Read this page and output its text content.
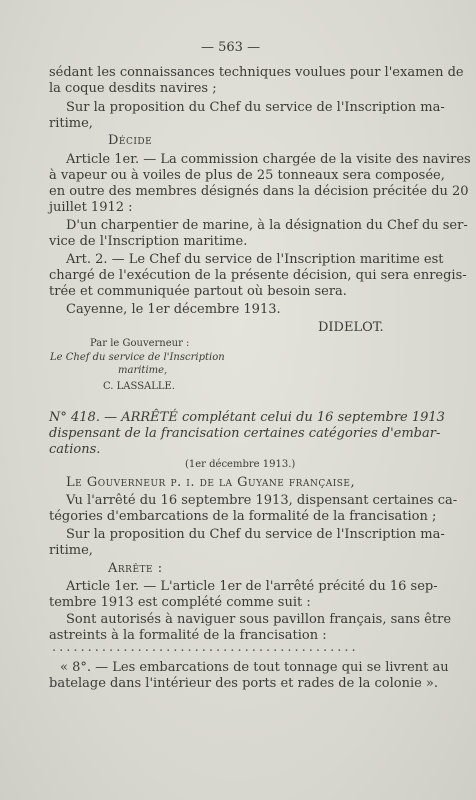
— 563 —
sédant les connaissances techniques voulues pour l'examen de
la coque desdits navires ;
Sur la proposition du Chef du service de l'Inscription ma-
ritime,
Décide
Article 1er. — La commission chargée de la visite des navires
à vapeur ou à voiles de plus de 25 tonneaux sera composée,
en outre des membres désignés dans la décision précitée du 20
juillet 1912 :
D'un charpentier de marine, à la désignation du Chef du ser-
vice de l'Inscription maritime.
Art. 2. — Le Chef du service de l'Inscription maritime est
chargé de l'exécution de la présente décision, qui sera enregis-
trée et communiquée partout où besoin sera.
Cayenne, le 1er décembre 1913.
DIDELOT.
Par le Gouverneur :
Le Chef du service de l'Inscription
maritime,
C. LASSALLE.
N° 418. — ARRÊTÉ complétant celui du 16 septembre 1913
dispensant de la francisation certaines catégories d'embar-
cations.
(1er décembre 1913.)
Le Gouverneur p. i. de la Guyane française,
Vu l'arrêté du 16 septembre 1913, dispensant certaines ca-
tégories d'embarcations de la formalité de la francisation ;
Sur la proposition du Chef du service de l'Inscription ma-
ritime,
Arrête :
Article 1er. — L'article 1er de l'arrêté précité du 16 sep-
tembre 1913 est complété comme suit :
Sont autorisés à naviguer sous pavillon français, sans être
astreints à la formalité de la francisation :
...........................................
« 8°. — Les embarcations de tout tonnage qui se livrent au
batelage dans l'intérieur des ports et rades de la colonie ».
